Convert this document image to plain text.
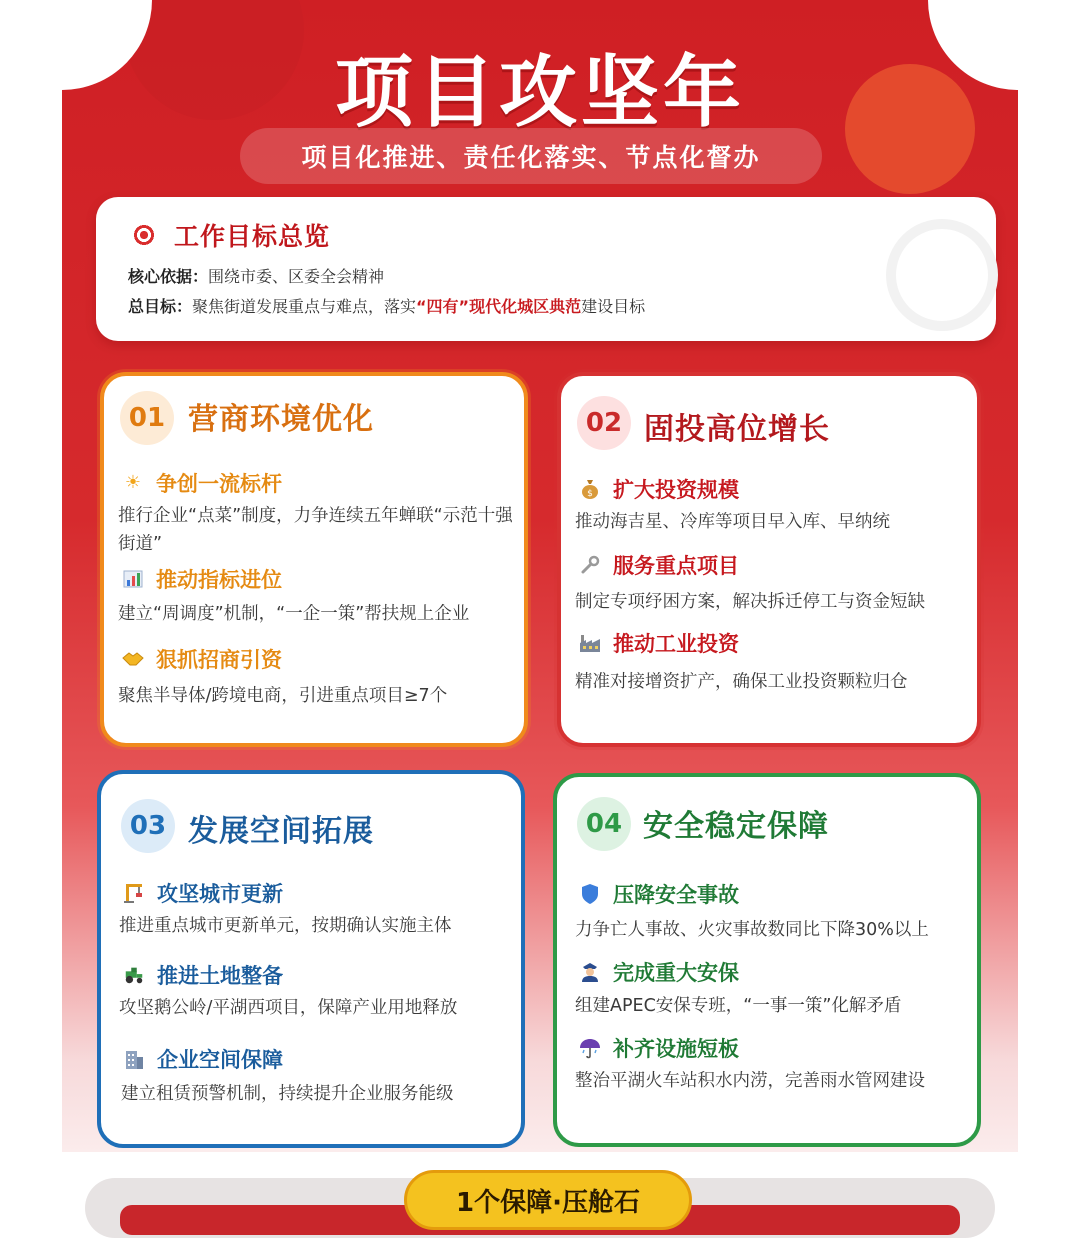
项目攻坚年
项目化推进、责任化落实、节点化督办
工作目标总览
核心依据：围绕市委、区委全会精神
总目标：聚焦街道发展重点与难点，落实“四有”现代化城区典范建设目标
01 营商环境优化
☀ 争创一流标杆
推行企业“点菜”制度，力争连续五年蝉联“示范十强街道”
推动指标进位
建立“周调度”机制，“一企一策”帮扶规上企业
狠抓招商引资
聚焦半导体/跨境电商，引进重点项目≥7个
02 固投高位增长
$ 扩大投资规模
推动海吉星、冷库等项目早入库、早纳统
服务重点项目
制定专项纾困方案，解决拆迁停工与资金短缺
推动工业投资
精准对接增资扩产，确保工业投资颗粒归仓
03 发展空间拓展
攻坚城市更新
推进重点城市更新单元，按期确认实施主体
推进土地整备
攻坚鹅公岭/平湖西项目，保障产业用地释放
企业空间保障
建立租赁预警机制，持续提升企业服务能级
04 安全稳定保障
压降安全事故
力争亡人事故、火灾事故数同比下降30%以上
完成重大安保
组建APEC安保专班，“一事一策”化解矛盾
补齐设施短板
整治平湖火车站积水内涝，完善雨水管网建设
1个保障·压舱石
